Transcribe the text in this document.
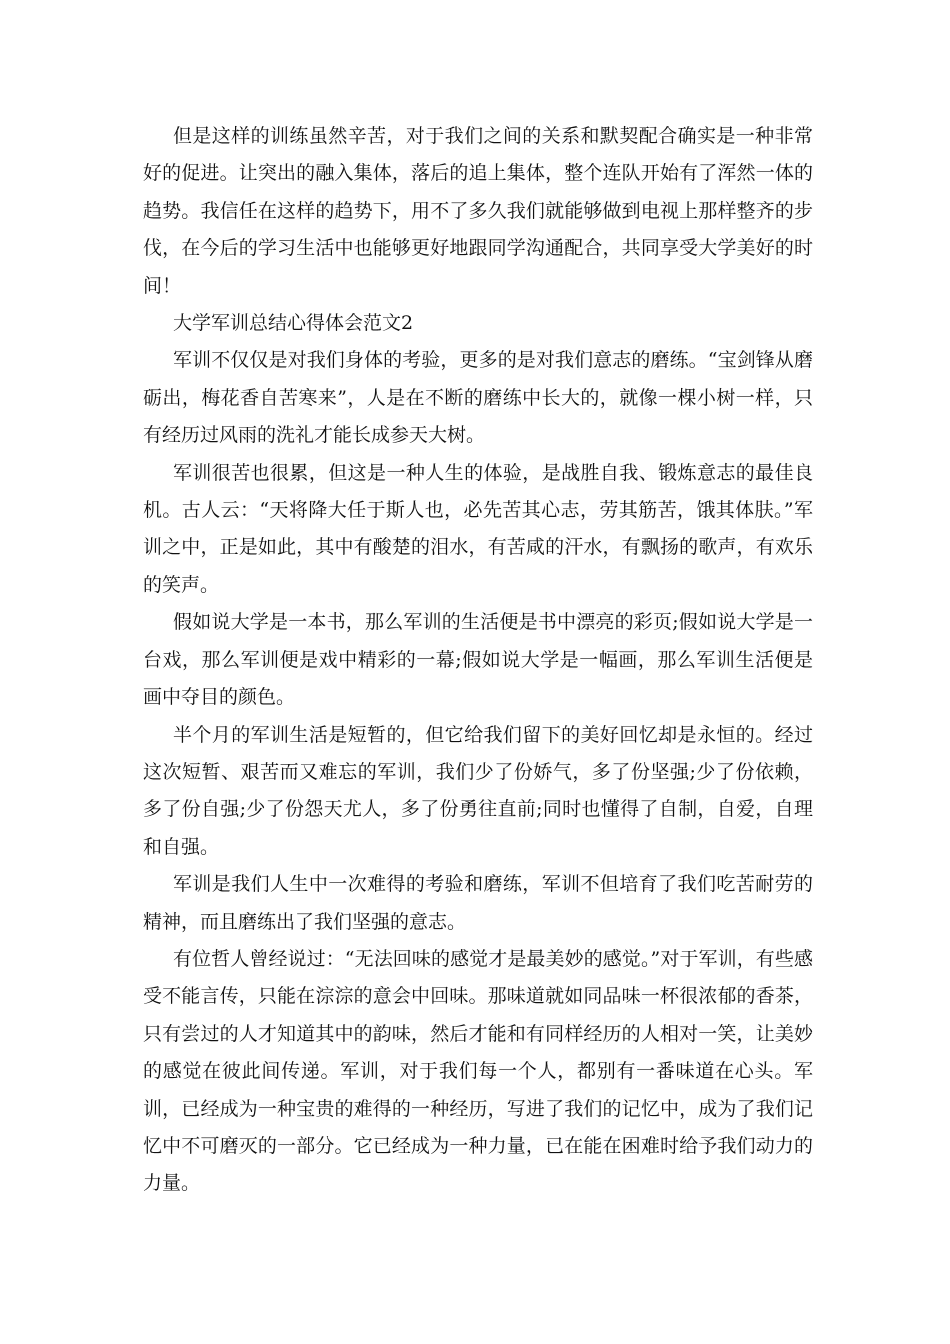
但是这样的训练虽然辛苦，对于我们之间的关系和默契配合确实是一种非常好的促进。让突出的融入集体，落后的追上集体，整个连队开始有了浑然一体的趋势。我信任在这样的趋势下，用不了多久我们就能够做到电视上那样整齐的步伐，在今后的学习生活中也能够更好地跟同学沟通配合，共同享受大学美好的时间！

大学军训总结心得体会范文2

军训不仅仅是对我们身体的考验，更多的是对我们意志的磨练。“宝剑锋从磨砺出，梅花香自苦寒来”，人是在不断的磨练中长大的，就像一棵小树一样，只有经历过风雨的洗礼才能长成参天大树。

军训很苦也很累，但这是一种人生的体验，是战胜自我、锻炼意志的最佳良机。古人云：“天将降大任于斯人也，必先苦其心志，劳其筋苦，饿其体肤。”军训之中，正是如此，其中有酸楚的泪水，有苦咸的汗水，有飘扬的歌声，有欢乐的笑声。

假如说大学是一本书，那么军训的生活便是书中漂亮的彩页;假如说大学是一台戏，那么军训便是戏中精彩的一幕;假如说大学是一幅画，那么军训生活便是画中夺目的颜色。

半个月的军训生活是短暂的，但它给我们留下的美好回忆却是永恒的。经过这次短暂、艰苦而又难忘的军训，我们少了份娇气，多了份坚强;少了份依赖，多了份自强;少了份怨天尤人，多了份勇往直前;同时也懂得了自制，自爱，自理和自强。

军训是我们人生中一次难得的考验和磨练，军训不但培育了我们吃苦耐劳的精神，而且磨练出了我们坚强的意志。

有位哲人曾经说过：“无法回味的感觉才是最美妙的感觉。”对于军训，有些感受不能言传，只能在淙淙的意会中回味。那味道就如同品味一杯很浓郁的香茶，只有尝过的人才知道其中的韵味，然后才能和有同样经历的人相对一笑，让美妙的感觉在彼此间传递。军训，对于我们每一个人，都别有一番味道在心头。军训，已经成为一种宝贵的难得的一种经历，写进了我们的记忆中，成为了我们记忆中不可磨灭的一部分。它已经成为一种力量，已在能在困难时给予我们动力的力量。
